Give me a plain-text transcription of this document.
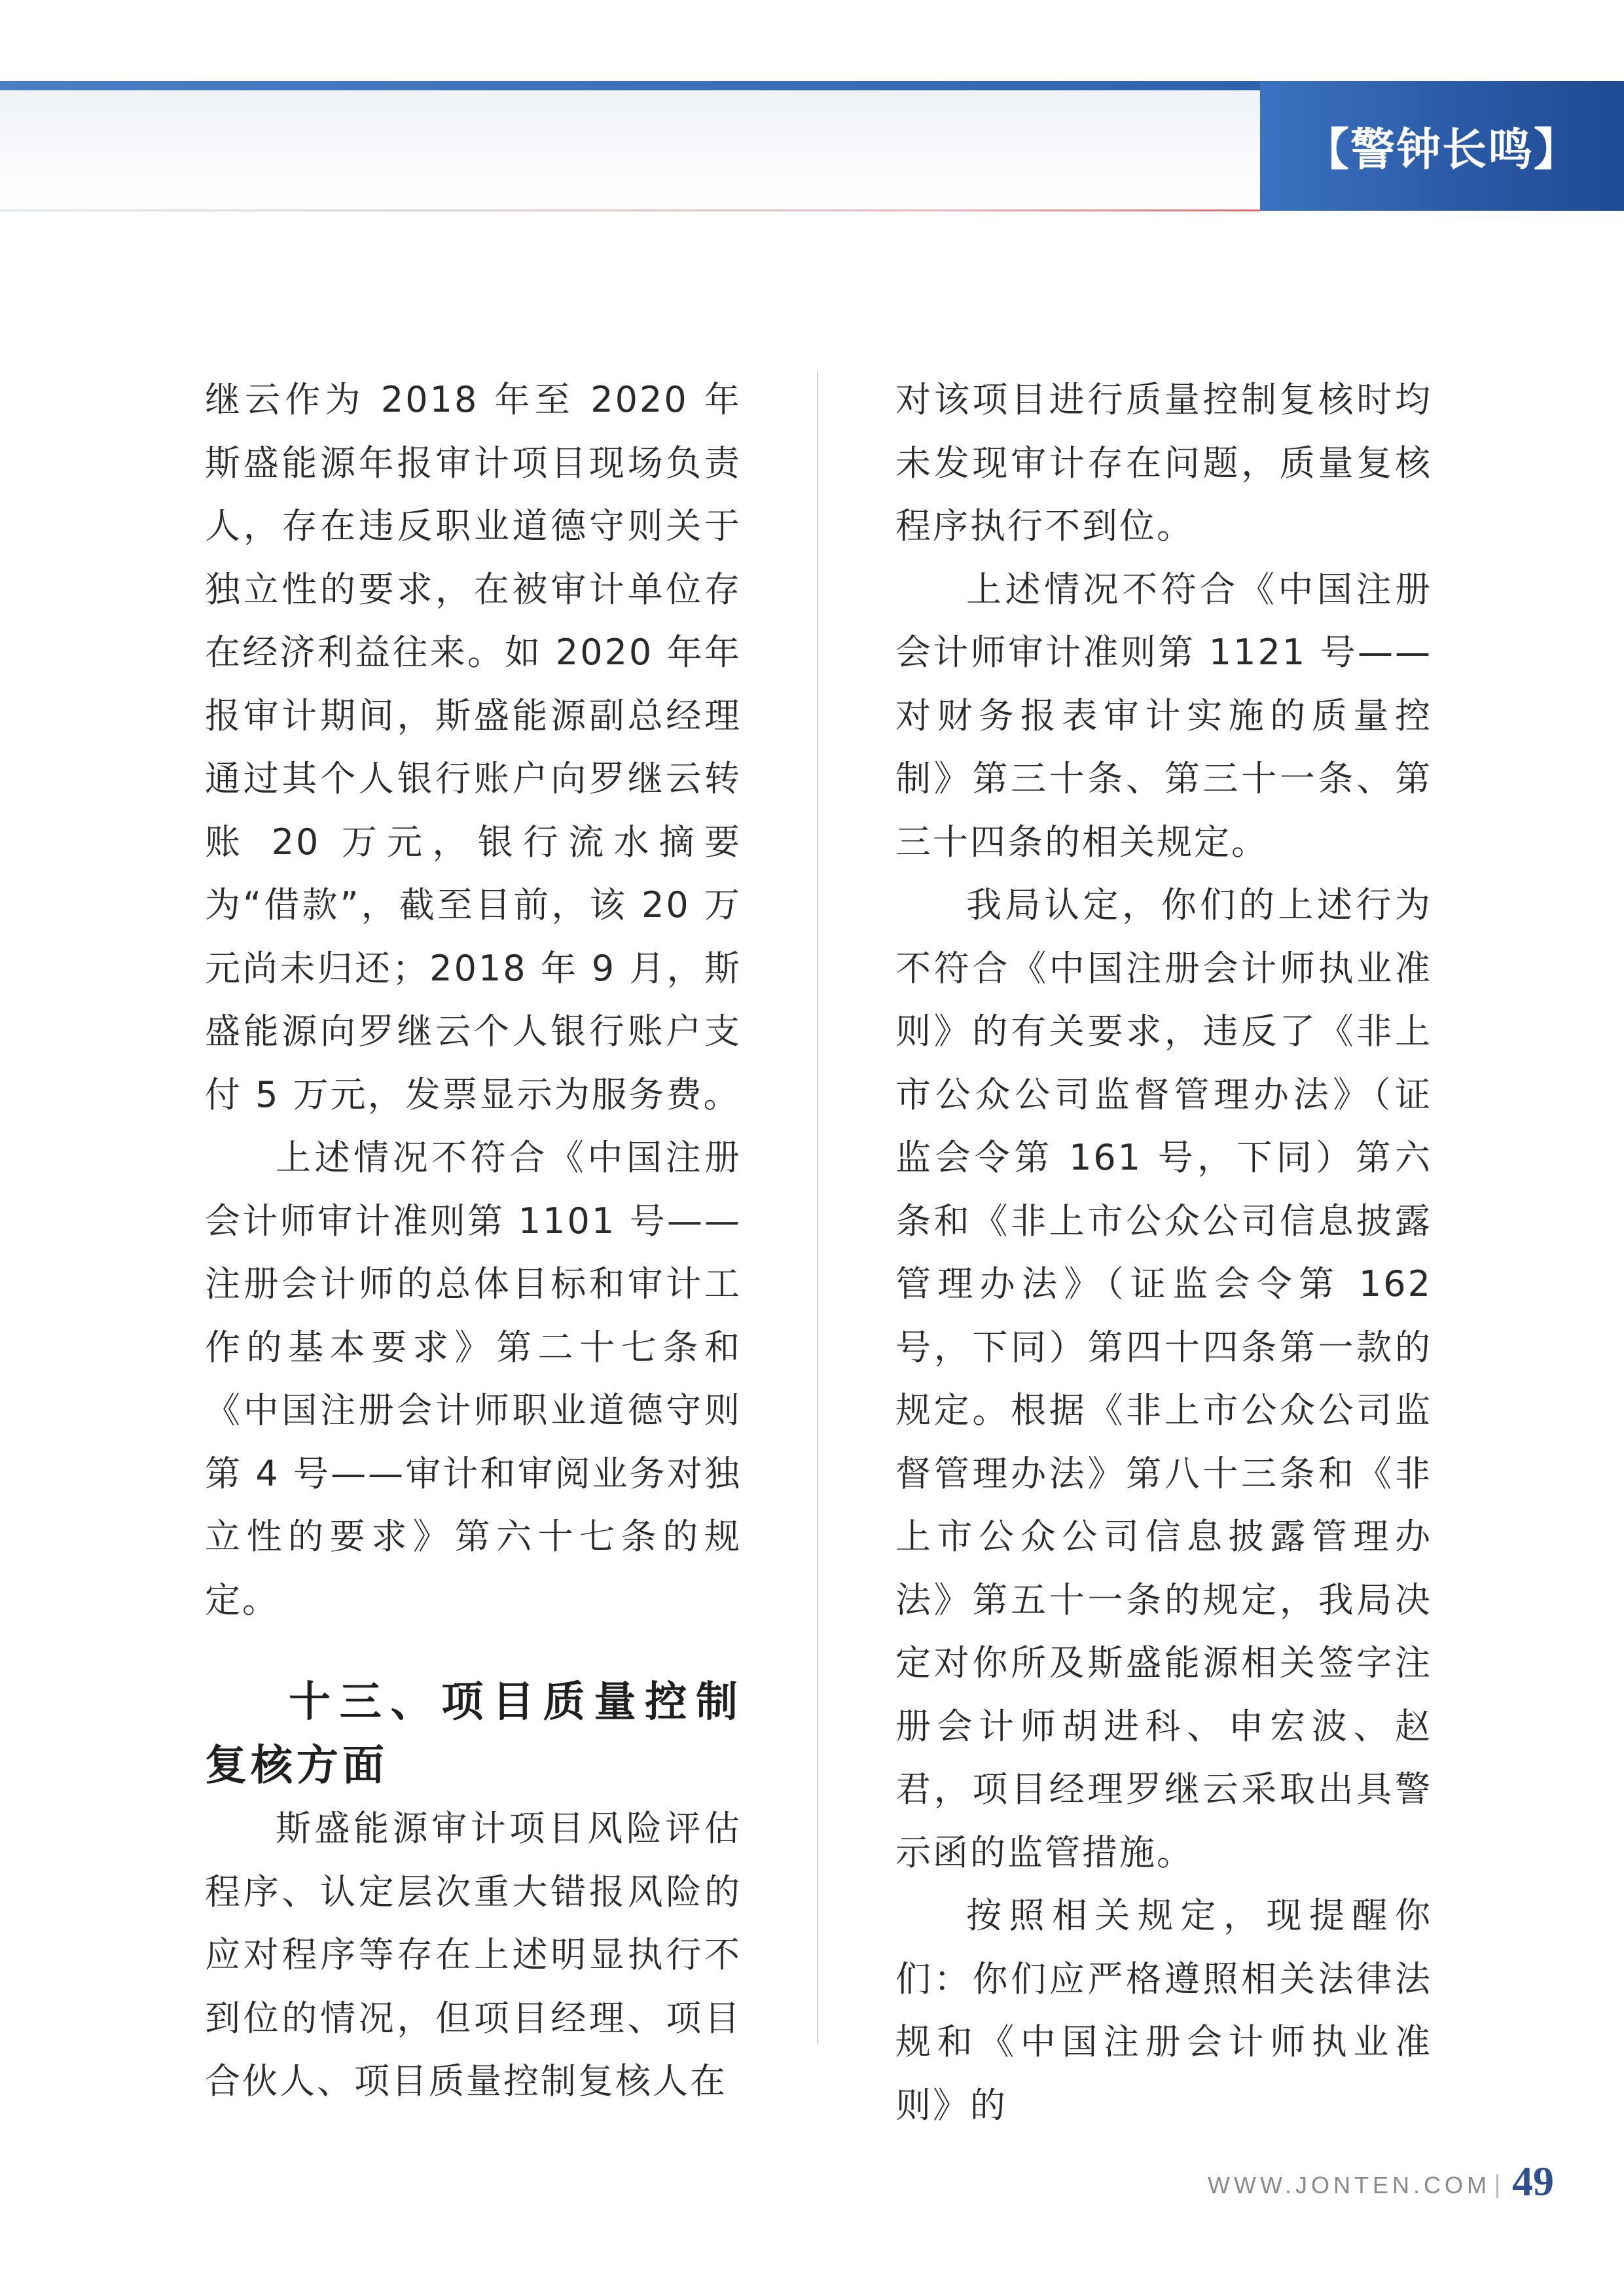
【警钟长鸣】

继云作为 2018 年至 2020 年斯盛能源年报审计项目现场负责人，存在违反职业道德守则关于独立性的要求，在被审计单位存在经济利益往来。如 2020 年年报审计期间，斯盛能源副总经理通过其个人银行账户向罗继云转账 20 万元，银行流水摘要为“借款”，截至目前，该 20 万元尚未归还；2018 年 9 月，斯盛能源向罗继云个人银行账户支付 5 万元，发票显示为服务费。

上述情况不符合《中国注册会计师审计准则第 1101 号——注册会计师的总体目标和审计工作的基本要求》第二十七条和《中国注册会计师职业道德守则第 4 号——审计和审阅业务对独立性的要求》第六十七条的规定。

十三、项目质量控制复核方面

斯盛能源审计项目风险评估程序、认定层次重大错报风险的应对程序等存在上述明显执行不到位的情况，但项目经理、项目合伙人、项目质量控制复核人在

对该项目进行质量控制复核时均未发现审计存在问题，质量复核程序执行不到位。

上述情况不符合《中国注册会计师审计准则第 1121 号——对财务报表审计实施的质量控制》第三十条、第三十一条、第三十四条的相关规定。

我局认定，你们的上述行为不符合《中国注册会计师执业准则》的有关要求，违反了《非上市公众公司监督管理办法》（证监会令第 161 号，下同）第六条和《非上市公众公司信息披露管理办法》（证监会令第 162 号，下同）第四十四条第一款的规定。根据《非上市公众公司监督管理办法》第八十三条和《非上市公众公司信息披露管理办法》第五十一条的规定，我局决定对你所及斯盛能源相关签字注册会计师胡进科、申宏波、赵君，项目经理罗继云采取出具警示函的监管措施。

按照相关规定，现提醒你们：你们应严格遵照相关法律法规和《中国注册会计师执业准则》的

WWW.JONTEN.COM 49
